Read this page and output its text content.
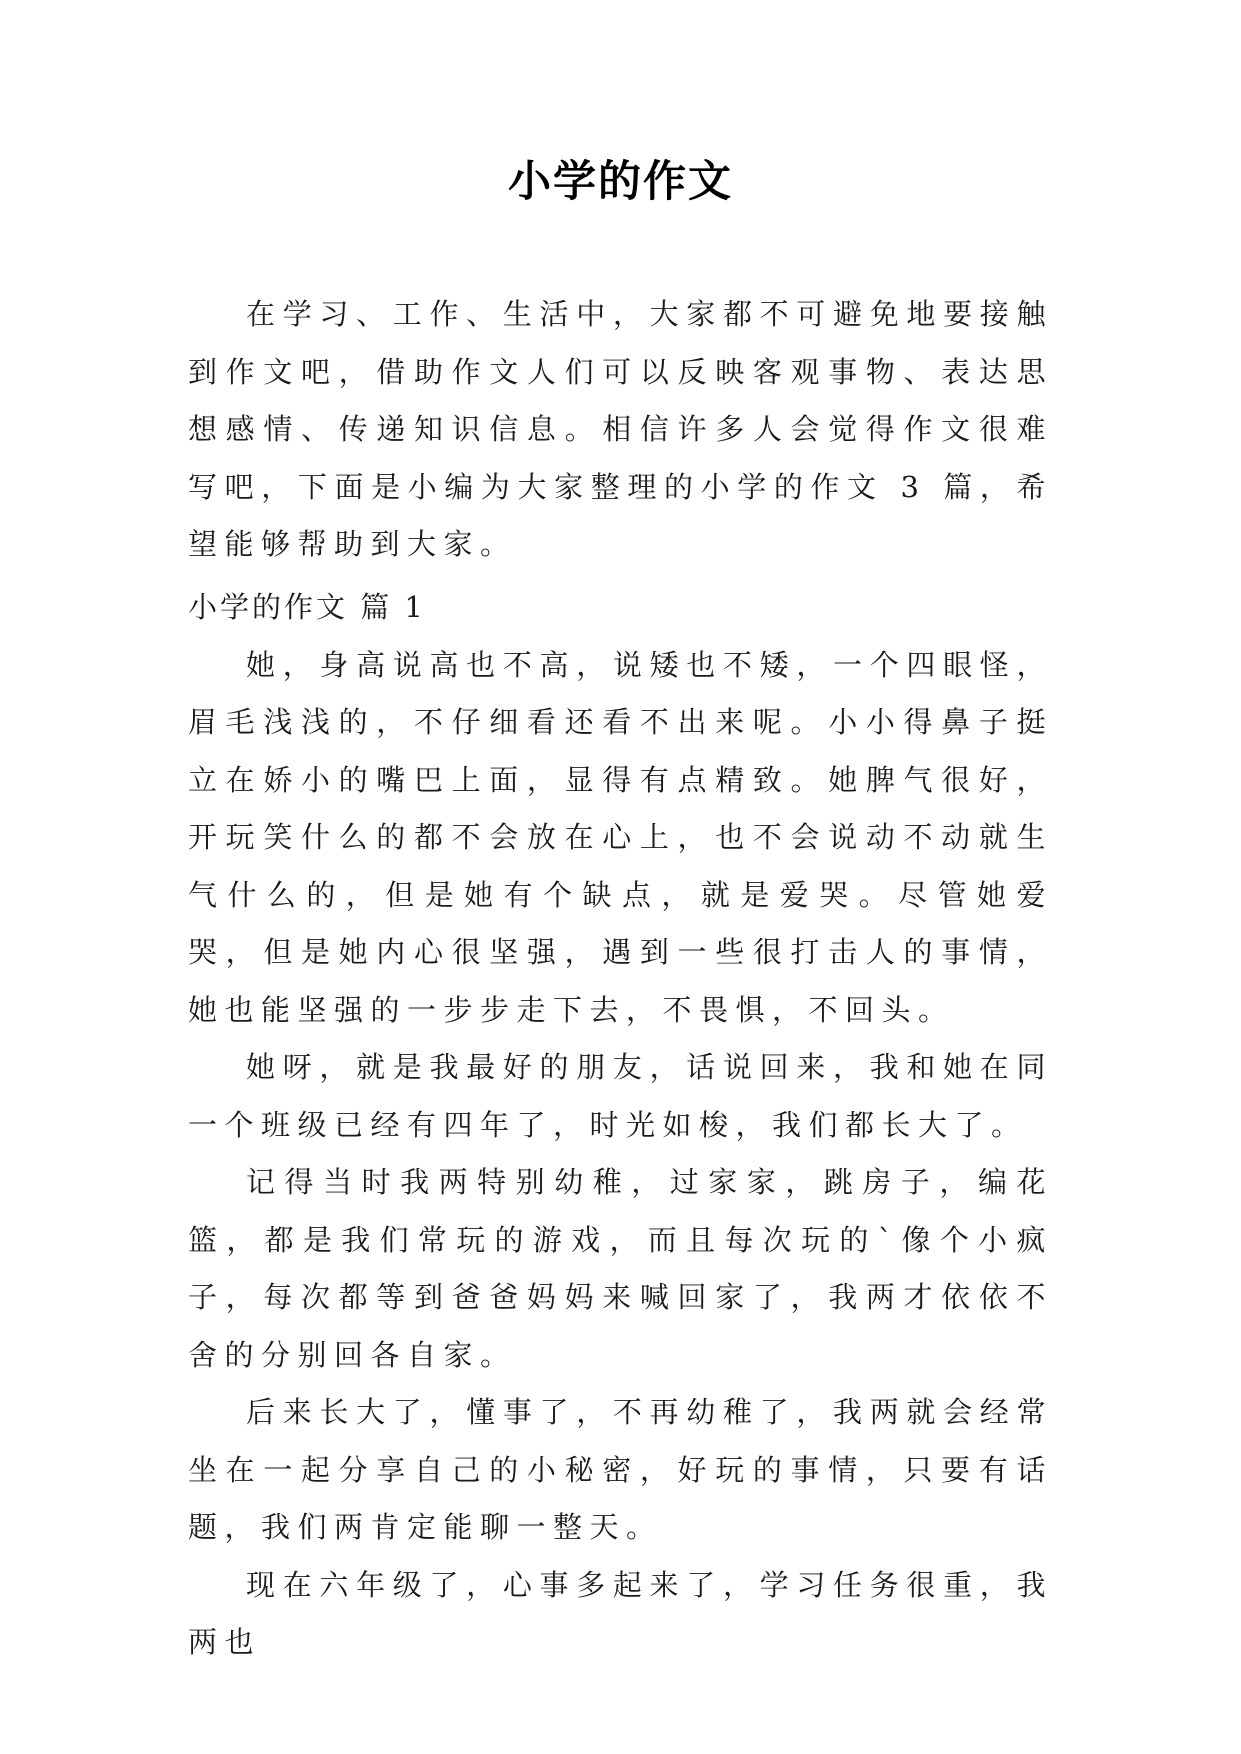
小学的作文

在学习、工作、生活中，大家都不可避免地要接触到作文吧，借助作文人们可以反映客观事物、表达思想感情、传递知识信息。相信许多人会觉得作文很难写吧，下面是小编为大家整理的小学的作文 3 篇，希望能够帮助到大家。

小学的作文 篇 1

她，身高说高也不高，说矮也不矮，一个四眼怪，眉毛浅浅的，不仔细看还看不出来呢。小小得鼻子挺立在娇小的嘴巴上面，显得有点精致。她脾气很好，开玩笑什么的都不会放在心上，也不会说动不动就生气什么的，但是她有个缺点，就是爱哭。尽管她爱哭，但是她内心很坚强，遇到一些很打击人的事情，她也能坚强的一步步走下去，不畏惧，不回头。

她呀，就是我最好的朋友，话说回来，我和她在同一个班级已经有四年了，时光如梭，我们都长大了。

记得当时我两特别幼稚，过家家，跳房子，编花篮，都是我们常玩的游戏，而且每次玩的`像个小疯子，每次都等到爸爸妈妈来喊回家了，我两才依依不舍的分别回各自家。

后来长大了，懂事了，不再幼稚了，我两就会经常坐在一起分享自己的小秘密，好玩的事情，只要有话题，我们两肯定能聊一整天。

现在六年级了，心事多起来了，学习任务很重，我两也
